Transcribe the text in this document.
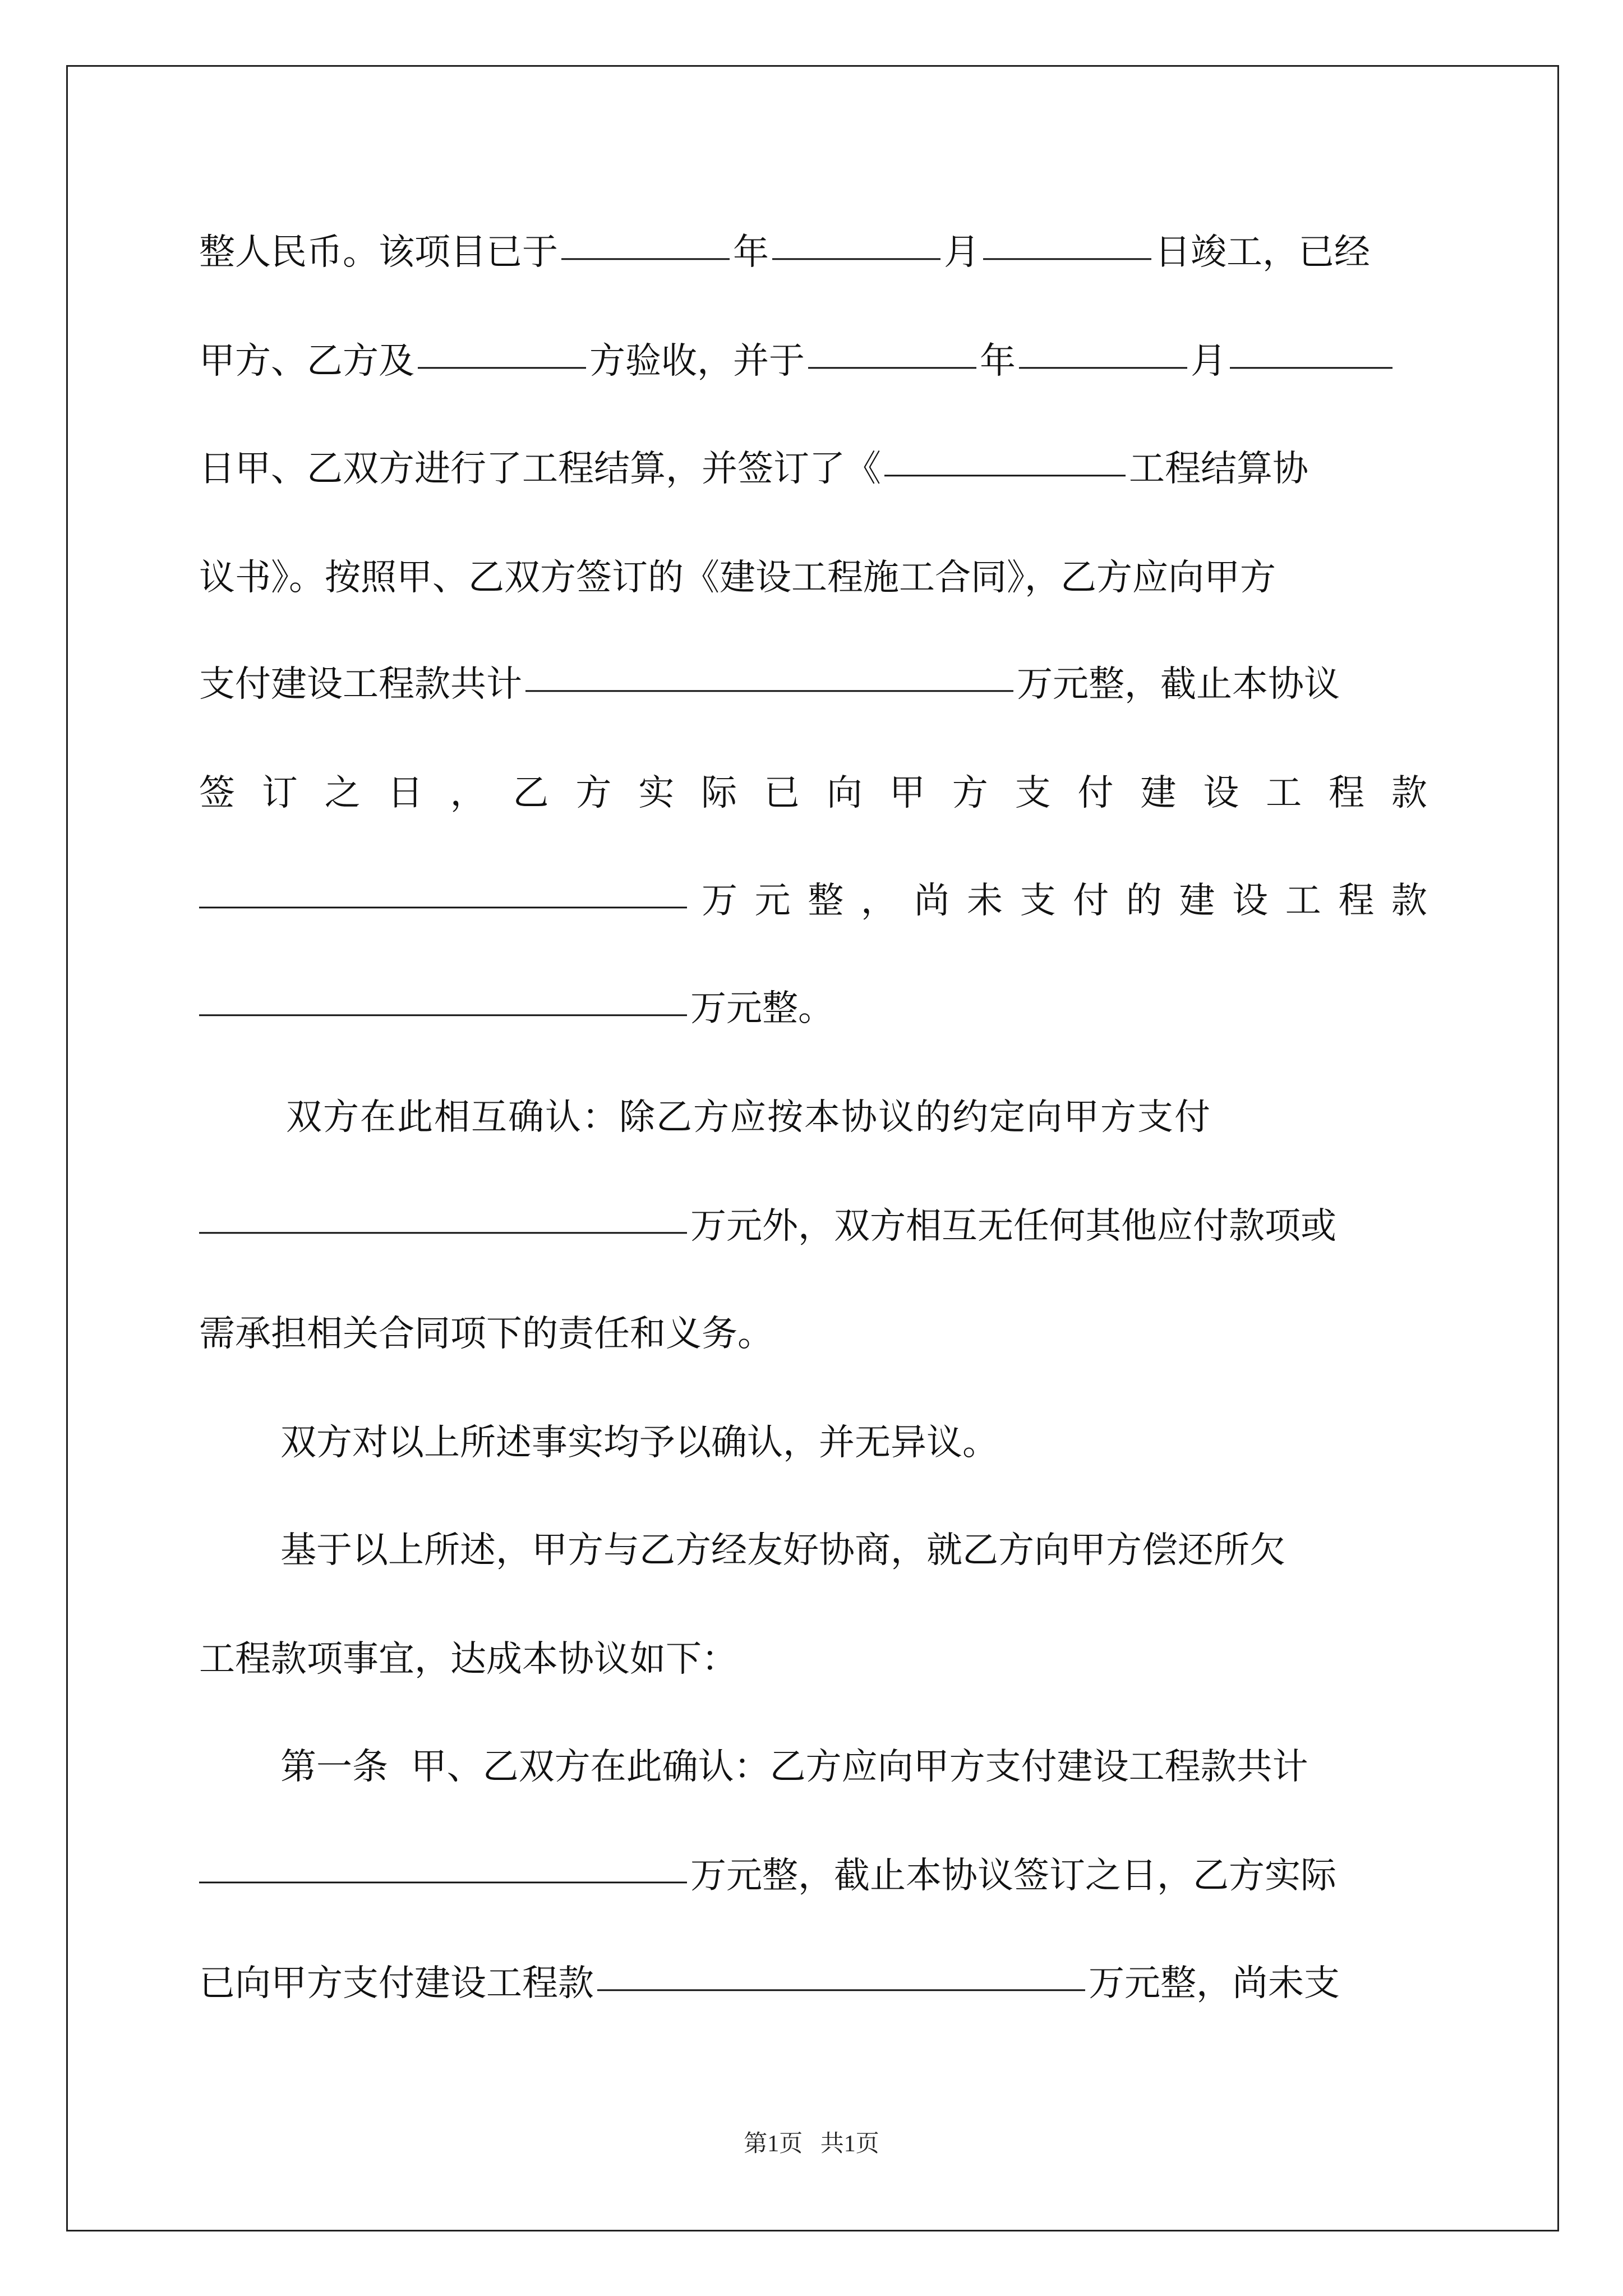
整人民币。该项目已于	年	月	日竣工，已经
甲方、乙方及	方验收，并于	年	月
日甲、乙双方进行了工程结算，并签订了《	工程结算协
议书》。按照甲、乙双方签订的《建设工程施工合同》，乙方应向甲方
支付建设工程款共计	万元整，截止本协议
签 订 之 日 ， 乙 方 实 际 已 向 甲 方 支 付 建 设 工 程 款
万 元 整 ， 尚 未 支 付 的 建 设 工 程 款
万元整。
双方在此相互确认：除乙方应按本协议的约定向甲方支付
万元外，双方相互无任何其他应付款项或
需承担相关合同项下的责任和义务。
双方对以上所述事实均予以确认，并无异议。
基于以上所述，甲方与乙方经友好协商，就乙方向甲方偿还所欠
工程款项事宜，达成本协议如下：
第一条  甲、乙双方在此确认：乙方应向甲方支付建设工程款共计
万元整，截止本协议签订之日，乙方实际
已向甲方支付建设工程款	万元整，尚未支
第1页   共1页
